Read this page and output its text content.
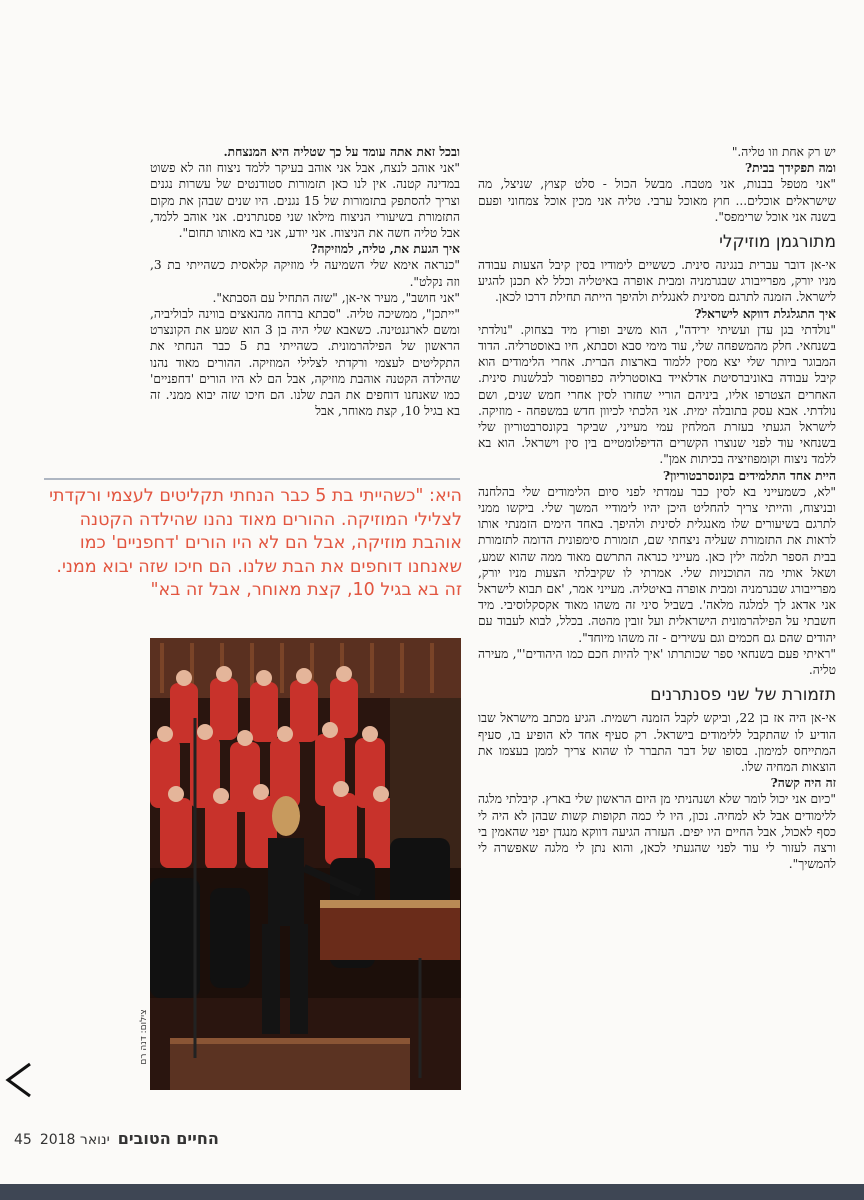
יש רק אחת וזו טליה."

ומה תפקידך בבית?

"אני מטפל בבנות, אני מטבח. מבשל הכול - סלט קצוץ, שניצל, מה שישראלים אוכלים... חוץ מאוכל ערבי. טליה אני מכין אוכל צמחוני ופעם בשנה אני אוכל שרימפס".

מתורגמן מוזיקלי

אי-אן דובר עברית בנגינה סינית. כששיים לימודיו בסין קיבל הצעות עבודה מניו יורק, מפרייבורג שבגרמניה ומבית אופרה באיטליה וכלל לא תכנן להגיע לישראל. הזמנה לתרגם מסינית לאנגלית ולהיפך הייתה תחילת דרכו לכאן.

איך התגלגלת דווקא לישראל?

"נולדתי בגן עדן ועשיתי ירידה", הוא משיב ופורץ מיד בצחוק. "נולדתי בשנחאי. חלק מהמשפחה שלי, עוד מימי סבא וסבתא, חיו באוסטרליה. הדוד המבוגר ביותר שלי יצא מסין ללמוד בארצות הברית. אחרי הלימודים הוא קיבל עבודה באוניברסיטת אדלאייד באוסטרליה כפרופסור לבלשנות סינית. האחרים הצטרפו אליו, ביניהם הוריי שחזרו לסין אחרי חמש שנים, ושם נולדתי. אבא עסק בתובלה ימית. אני הלכתי לכיוון חדש במשפחה - מוזיקה. לישראל הגעתי בעזרת המלחין עמי מעייני, שביקר בקונסרבטוריון שלי בשנחאי עוד לפני שנוצרו הקשרים הדיפלומטיים בין סין וישראל. הוא בא ללמד ניצוח וקומפוזיציה בכיתות אמן".

היית אחד התלמידים בקונסרבטוריון?

"לא, כשמעייני בא לסין כבר עמדתי לפני סיום הלימודים שלי בהלחנה ובניצוח, והייתי צריך להחליט היכן יהיו לימודיי המשך שלי. ביקשו ממני לתרגם בשיעורים שלו מאנגלית לסינית ולהיפך. באחד הימים הזמנתי אותו לראות את התזמורת שעליה ניצחתי שם, תזמורת סימפונית הדומה לתזמורת בבית הספר תלמה ילין כאן. מעייני כנראה התרשם מאוד ממה שהוא שמע, ושאל אותי מה התוכניות שלי. אמרתי לו שקיבלתי הצעות מניו יורק, מפרייבורג שבגרמניה ומבית אופרה באיטליה. מעייני אמר, 'אם תבוא לישראל אני אדאג לך למלגה מלאה'. בשביל סיני זה משהו מאוד אקסקלוסיבי. מיד חשבתי על הפילהרמונית הישראלית ועל זובין מהטה. בכלל, לבוא לעבוד עם יהודים שהם גם חכמים וגם עשירים - זה משהו מיוחד".

"ראיתי פעם בשנחאי ספר שכותרתו 'איך להיות חכם כמו היהודים'", מעירה טליה.

תזמורת של שני פסנתרנים

אי-אן היה אז בן 22, וביקש לקבל הזמנה רשמית. הגיע מכתב מישראל שבו הודיע לו שהתקבל ללימודים בישראל. רק סעיף אחד לא הופיע בו, סעיף המתייחס למימון. בסופו של דבר התברר לו שהוא צריך לממן בעצמו את הוצאות המחיה שלו.

זה היה קשה?

"כיום אני יכול לומר שלא ושנהניתי מן היום הראשון שלי בארץ. קיבלתי מלגה ללימודים אבל לא למחיה. נכון, היו לי כמה תקופות קשות שבהן לא היה לי כסף לאכול, אבל החיים היו יפים. העזרה הגיעה דווקא מנגדן יפני שהאמין בי ורצה לעזור לי עוד לפני שהגעתי לכאן, והוא נתן לי מלגה שאפשרה לי להמשיך".

ובכל זאת אתה עומד על כך שטליה היא המנצחת.

"אני אוהב לנצח, אבל אני אוהב בעיקר ללמד ניצוח וזה לא פשוט במדינה קטנה. אין לנו כאן תזמורות סטודנטים של עשרות נגנים וצריך להסתפק בתזמורות של 15 נגנים. היו שנים שבהן את מקום התזמורת בשיעורי הניצוח מילאו שני פסנתרנים. אני אוהב ללמד, אבל טליה חשה את הניצוח. אני יודע, אני בא מאותו תחום".

איך הגעת את, טליה, למוזיקה?

"כנראה אימא שלי השמיעה לי מוזיקה קלאסית כשהייתי בת 3, וזה נקלט".

"אני חושב", מעיר אי-אן, "שזה התחיל עם הסבתא".

"ייתכן", ממשיכה טליה. "סבתא ברחה מהנאצים בווינה לבוליביה, ומשם לארגנטינה. כשאבא שלי היה בן 3 הוא שמע את הקונצרט הראשון של הפילהרמונית. כשהייתי בת 5 כבר הנחתי את התקליטים לעצמי ורקדתי לצלילי המוזיקה. ההורים מאוד נהנו שהילדה הקטנה אוהבת מוזיקה, אבל הם לא היו הורים 'דחפניים' כמו שאנחנו דוחפים את הבת שלנו. הם חיכו שזה יבוא ממני. זה בא בגיל 10, קצת מאוחר, אבל

היא: "כשהייתי בת 5 כבר הנחתי תקליטים לעצמי ורקדתי לצלילי המוזיקה. ההורים מאוד נהנו שהילדה הקטנה אוהבת מוזיקה, אבל הם לא היו הורים 'דחפניים' כמו שאנחנו דוחפים את הבת שלנו. הם חיכו שזה יבוא ממני. זה בא בגיל 10, קצת מאוחר, אבל זה בא"
צילום: דנה רם
החיים הטובים
ינואר 2018
45
